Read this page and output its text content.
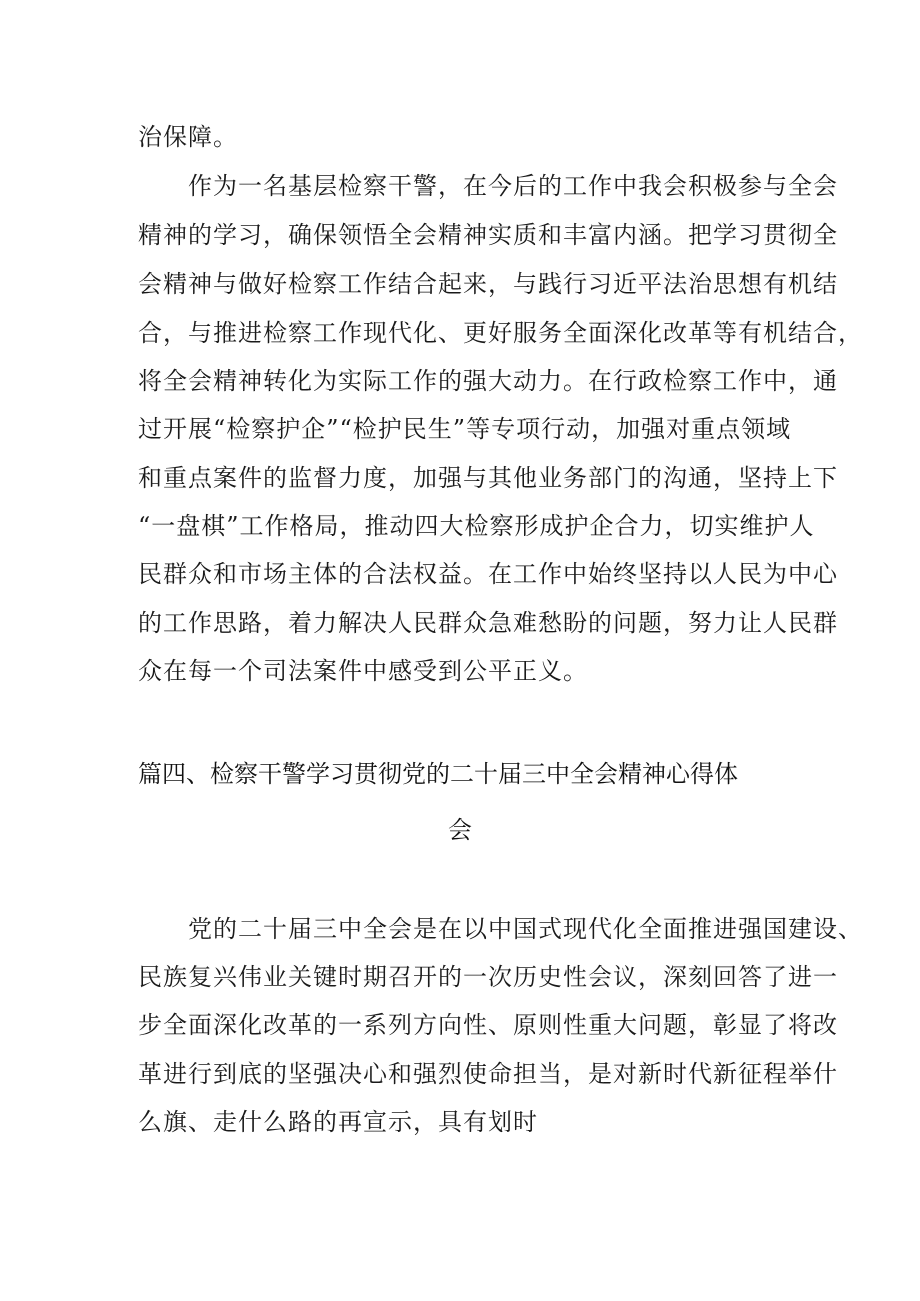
治保障。
作为一名基层检察干警，在今后的工作中我会积极参与全会
精神的学习，确保领悟全会精神实质和丰富内涵。把学习贯彻全
会精神与做好检察工作结合起来，与践行习近平法治思想有机结
合，与推进检察工作现代化、更好服务全面深化改革等有机结合，
将全会精神转化为实际工作的强大动力。在行政检察工作中，通
过开展“检察护企”“检护民生”等专项行动，加强对重点领域
和重点案件的监督力度，加强与其他业务部门的沟通，坚持上下
“一盘棋”工作格局，推动四大检察形成护企合力，切实维护人
民群众和市场主体的合法权益。在工作中始终坚持以人民为中心
的工作思路，着力解决人民群众急难愁盼的问题，努力让人民群
众在每一个司法案件中感受到公平正义。
篇四、检察干警学习贯彻党的二十届三中全会精神心得体
会
党的二十届三中全会是在以中国式现代化全面推进强国建设、
民族复兴伟业关键时期召开的一次历史性会议，深刻回答了进一
步全面深化改革的一系列方向性、原则性重大问题，彰显了将改
革进行到底的坚强决心和强烈使命担当，是对新时代新征程举什
么旗、走什么路的再宣示，具有划时
